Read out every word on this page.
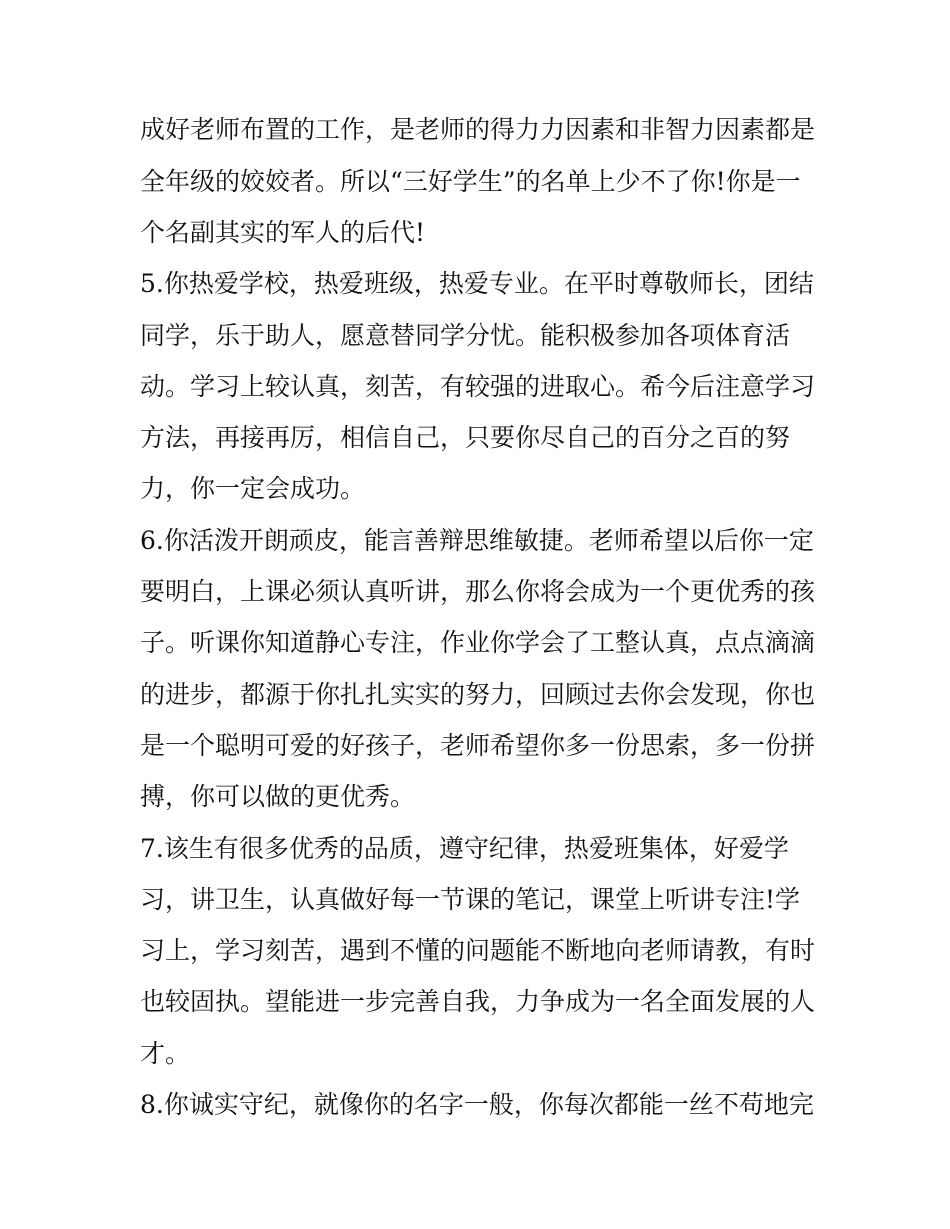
成好老师布置的工作，是老师的得力力因素和非智力因素都是
全年级的姣姣者。所以“三好学生”的名单上少不了你!你是一
个名副其实的军人的后代!
5.你热爱学校，热爱班级，热爱专业。在平时尊敬师长，团结
同学，乐于助人，愿意替同学分忧。能积极参加各项体育活
动。学习上较认真，刻苦，有较强的进取心。希今后注意学习
方法，再接再厉，相信自己，只要你尽自己的百分之百的努
力，你一定会成功。
6.你活泼开朗顽皮，能言善辩思维敏捷。老师希望以后你一定
要明白，上课必须认真听讲，那么你将会成为一个更优秀的孩
子。听课你知道静心专注，作业你学会了工整认真，点点滴滴
的进步，都源于你扎扎实实的努力，回顾过去你会发现，你也
是一个聪明可爱的好孩子，老师希望你多一份思索，多一份拼
搏，你可以做的更优秀。
7.该生有很多优秀的品质，遵守纪律，热爱班集体，好爱学
习，讲卫生，认真做好每一节课的笔记，课堂上听讲专注!学
习上，学习刻苦，遇到不懂的问题能不断地向老师请教，有时
也较固执。望能进一步完善自我，力争成为一名全面发展的人
才。
8.你诚实守纪，就像你的名字一般，你每次都能一丝不苟地完
